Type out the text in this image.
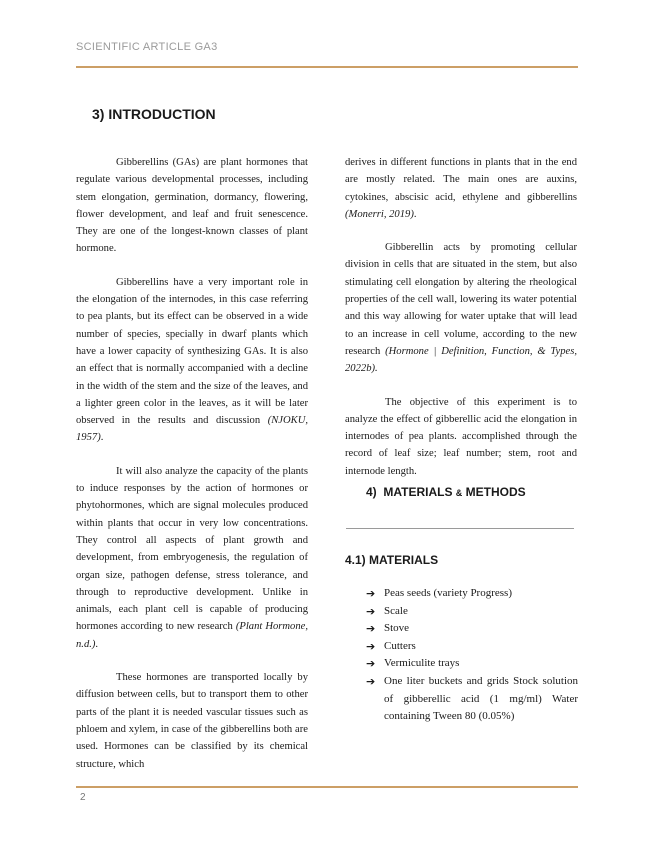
SCIENTIFIC ARTICLE GA3
3) INTRODUCTION

Gibberellins (GAs) are plant hormones that regulate various developmental processes, including stem elongation, germination, dormancy, flowering, flower development, and leaf and fruit senescence. They are one of the longest-known classes of plant hormone.

Gibberellins have a very important role in the elongation of the internodes, in this case referring to pea plants, but its effect can be observed in a wide number of species, specially in dwarf plants which have a lower capacity of synthesizing GAs. It is also an effect that is normally accompanied with a decline in the width of the stem and the size of the leaves, and a lighter green color in the leaves, as it will be later observed in the results and discussion (NJOKU, 1957).

It will also analyze the capacity of the plants to induce responses by the action of hormones or phytohormones, which are signal molecules produced within plants that occur in very low concentrations. They control all aspects of plant growth and development, from embryogenesis, the regulation of organ size, pathogen defense, stress tolerance, and through to reproductive development. Unlike in animals, each plant cell is capable of producing hormones according to new research (Plant Hormone, n.d.).

These hormones are transported locally by diffusion between cells, but to transport them to other parts of the plant it is needed vascular tissues such as phloem and xylem, in case of the gibberellins both are used. Hormones can be classified by its chemical structure, which

derives in different functions in plants that in the end are mostly related. The main ones are auxins, cytokines, abscisic acid, ethylene and gibberellins (Monerri, 2019).

Gibberellin acts by promoting cellular division in cells that are situated in the stem, but also stimulating cell elongation by altering the rheological properties of the cell wall, lowering its water potential and this way allowing for water uptake that will lead to an increase in cell volume, according to the new research (Hormone | Definition, Function, & Types, 2022b).

The objective of this experiment is to analyze the effect of gibberellic acid the elongation in internodes of pea plants. accomplished through the record of leaf size; leaf number; stem, root and internode length.

4) MATERIALS & METHODS
4.1) MATERIALS
➔ Peas seeds (variety Progress)
➔ Scale
➔ Stove
➔ Cutters
➔ Vermiculite trays
➔ One liter buckets and grids Stock solution of gibberellic acid (1 mg/ml) Water containing Tween 80 (0.05%)
2
